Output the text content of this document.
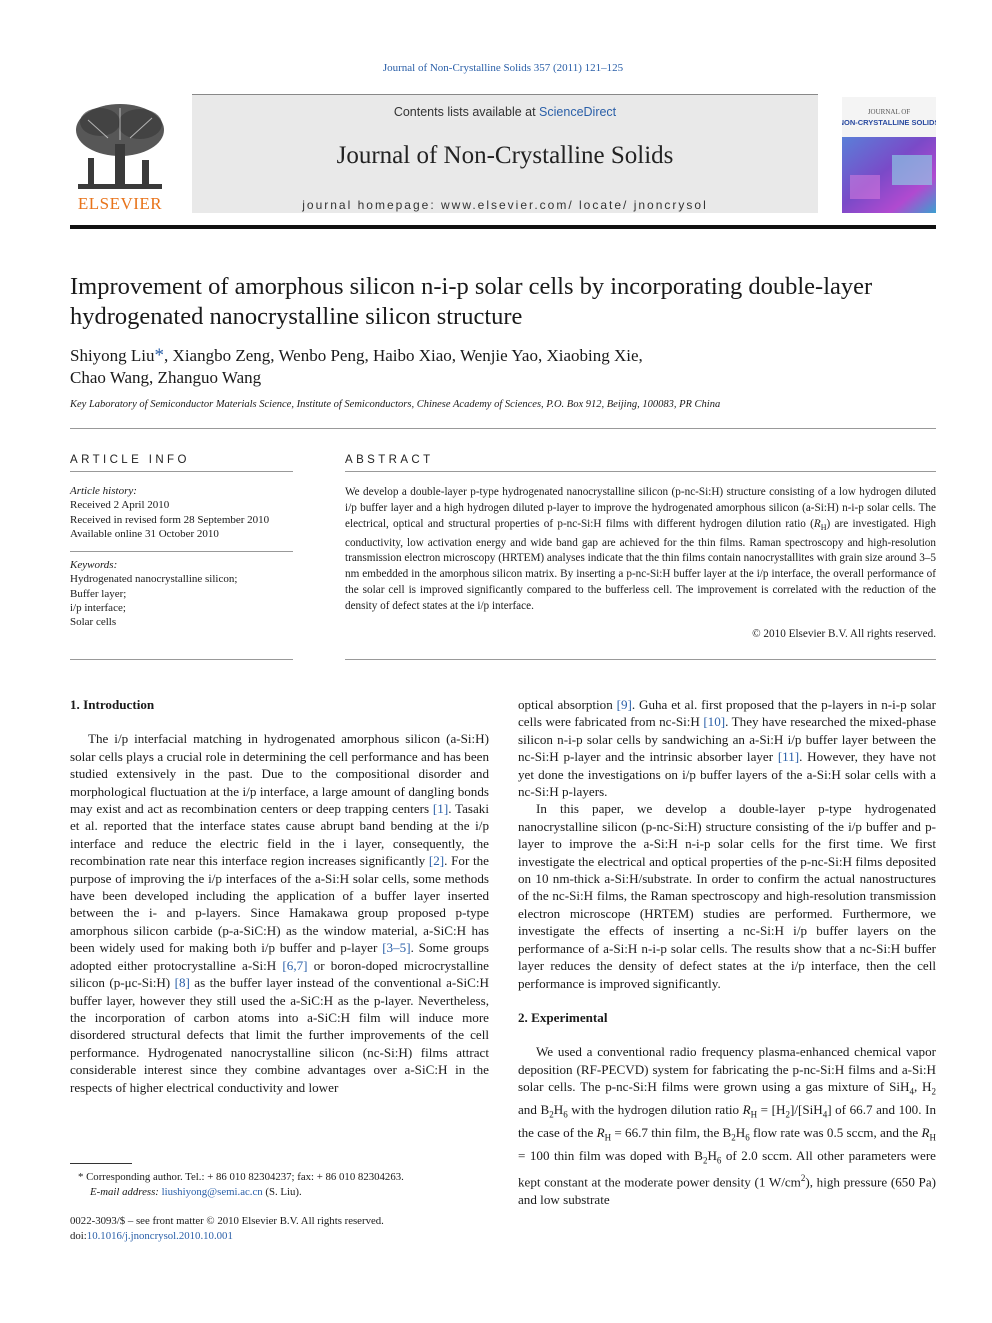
Journal of Non-Crystalline Solids 357 (2011) 121–125
ELSEVIER
Contents lists available at ScienceDirect
Journal of Non-Crystalline Solids
journal homepage: www.elsevier.com/ locate/ jnoncrysol
JOURNAL OF
NON-CRYSTALLINE SOLIDS
Improvement of amorphous silicon n-i-p solar cells by incorporating double-layer hydrogenated nanocrystalline silicon structure
Shiyong Liu*, Xiangbo Zeng, Wenbo Peng, Haibo Xiao, Wenjie Yao, Xiaobing Xie,
Chao Wang, Zhanguo Wang
Key Laboratory of Semiconductor Materials Science, Institute of Semiconductors, Chinese Academy of Sciences, P.O. Box 912, Beijing, 100083, PR China
ARTICLE INFO
Article history:
Received 2 April 2010
Received in revised form 28 September 2010
Available online 31 October 2010
Keywords:
Hydrogenated nanocrystalline silicon;
Buffer layer;
i/p interface;
Solar cells
ABSTRACT
We develop a double-layer p-type hydrogenated nanocrystalline silicon (p-nc-Si:H) structure consisting of a low hydrogen diluted i/p buffer layer and a high hydrogen diluted p-layer to improve the hydrogenated amorphous silicon (a-Si:H) n-i-p solar cells. The electrical, optical and structural properties of p-nc-Si:H films with different hydrogen dilution ratio $(R_H)$ are investigated. High conductivity, low activation energy and wide band gap are achieved for the thin films. Raman spectroscopy and high-resolution transmission electron microscopy (HRTEM) analyses indicate that the thin films contain nanocrystallites with grain size around 3–5 nm embedded in the amorphous silicon matrix. By inserting a p-nc-Si:H buffer layer at the i/p interface, the overall performance of the solar cell is improved significantly compared to the bufferless cell. The improvement is correlated with the reduction of the density of defect states at the i/p interface.
© 2010 Elsevier B.V. All rights reserved.
1. Introduction

The i/p interfacial matching in hydrogenated amorphous silicon (a-Si:H) solar cells plays a crucial role in determining the cell performance and has been studied extensively in the past. Due to the compositional disorder and morphological fluctuation at the i/p interface, a large amount of dangling bonds may exist and act as recombination centers or deep trapping centers [1]. Tasaki et al. reported that the interface states cause abrupt band bending at the i/p interface and reduce the electric field in the i layer, consequently, the recombination rate near this interface region increases significantly [2]. For the purpose of improving the i/p interfaces of the a-Si:H solar cells, some methods have been developed including the application of a buffer layer inserted between the i- and p-layers. Since Hamakawa group proposed p-type amorphous silicon carbide (p-a-SiC:H) as the window material, a-SiC:H has been widely used for making both i/p buffer and p-layer [3–5]. Some groups adopted either protocrystalline a-Si:H [6,7] or boron-doped microcrystalline silicon (p-μc-Si:H) [8] as the buffer layer instead of the conventional a-SiC:H buffer layer, however they still used the a-SiC:H as the p-layer. Nevertheless, the incorporation of carbon atoms into a-SiC:H film will induce more disordered structural defects that limit the further improvements of the cell performance. Hydrogenated nanocrystalline silicon (nc-Si:H) films attract considerable interest since they combine advantages over a-SiC:H in the respects of higher electrical conductivity and lower

optical absorption [9]. Guha et al. first proposed that the p-layers in n-i-p solar cells were fabricated from nc-Si:H [10]. They have researched the mixed-phase silicon n-i-p solar cells by sandwiching an a-Si:H i/p buffer layer between the nc-Si:H p-layer and the intrinsic absorber layer [11]. However, they have not yet done the investigations on i/p buffer layers of the a-Si:H solar cells with a nc-Si:H p-layers.

In this paper, we develop a double-layer p-type hydrogenated nanocrystalline silicon (p-nc-Si:H) structure consisting of the i/p buffer and p-layer to improve the a-Si:H n-i-p solar cells for the first time. We first investigate the electrical and optical properties of the p-nc-Si:H films deposited on 10 nm-thick a-Si:H/substrate. In order to confirm the actual nanostructures of the nc-Si:H films, the Raman spectroscopy and high-resolution transmission electron microscope (HRTEM) studies are performed. Furthermore, we investigate the effects of inserting a nc-Si:H i/p buffer layers on the performance of a-Si:H n-i-p solar cells. The results show that a nc-Si:H buffer layer reduces the density of defect states at the i/p interface, then the cell performance is improved significantly.

2. Experimental

We used a conventional radio frequency plasma-enhanced chemical vapor deposition (RF-PECVD) system for fabricating the p-nc-Si:H films and a-Si:H solar cells. The p-nc-Si:H films were grown using a gas mixture of SiH$_4$, $H_2$ and $B_2H_6$ with the hydrogen dilution ratio $R_H = [H_2]/[SiH_4]$ of 66.7 and 100. In the case of the $R_H = 66.7$ thin film, the $B_2H_6$ flow rate was 0.5 sccm, and the $R_H = 100$ thin film was doped with $B_2H_6$ of 2.0 sccm. All other parameters were kept constant at the moderate power density (1 $W/cm^2$), high pressure (650 Pa) and low substrate

* Corresponding author. Tel.: + 86 010 82304237; fax: + 86 010 82304263.
E-mail address: liushiyong@semi.ac.cn (S. Liu).
0022-3093/$ – see front matter © 2010 Elsevier B.V. All rights reserved.
doi:10.1016/j.jnoncrysol.2010.10.001
